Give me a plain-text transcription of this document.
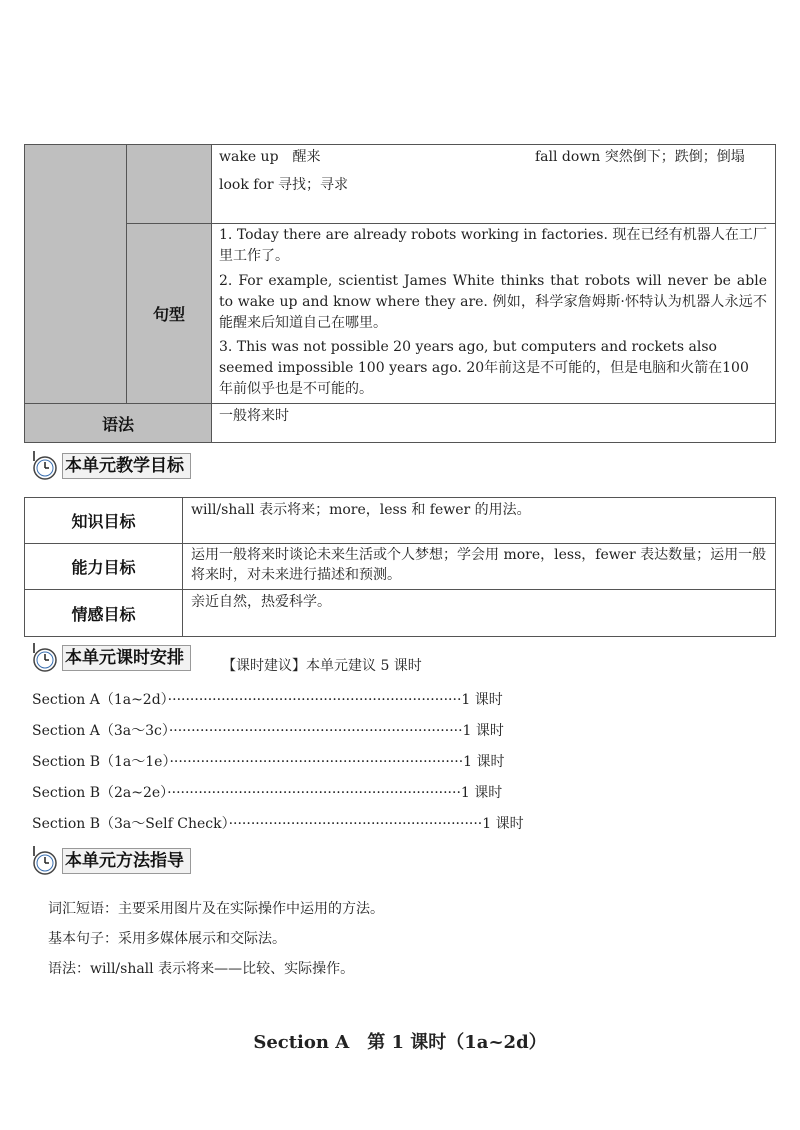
语法
句型
wake up　醒来	fall down 突然倒下；跌倒；倒塌
look for 寻找；寻求
1. Today there are already robots working in factories. 现在已经有机器人在工厂里工作了。
2. For example, scientist James White thinks that robots will never be able to wake up and know where they are. 例如，科学家詹姆斯·怀特认为机器人永远不能醒来后知道自己在哪里。
3. This was not possible 20 years ago, but computers and rockets also seemed impossible 100 years ago. 20年前这是不可能的，但是电脑和火箭在100年前似乎也是不可能的。
一般将来时
本单元教学目标
知识目标
will/shall 表示将来；more，less 和 fewer 的用法。
能力目标
运用一般将来时谈论未来生活或个人梦想；学会用 more，less，fewer 表达数量；运用一般将来时，对未来进行描述和预测。
情感目标
亲近自然，热爱科学。
本单元课时安排	【课时建议】本单元建议 5 课时
Section A（1a~2d）··································································1 课时
Section A（3a～3c）··································································1 课时
Section B（1a～1e）··································································1 课时
Section B（2a~2e）··································································1 课时
Section B（3a～Self Check）·························································1 课时
本单元方法指导
词汇短语：主要采用图片及在实际操作中运用的方法。
基本句子：采用多媒体展示和交际法。
语法：will/shall 表示将来——比较、实际操作。
Section A　第 1 课时（1a~2d）
